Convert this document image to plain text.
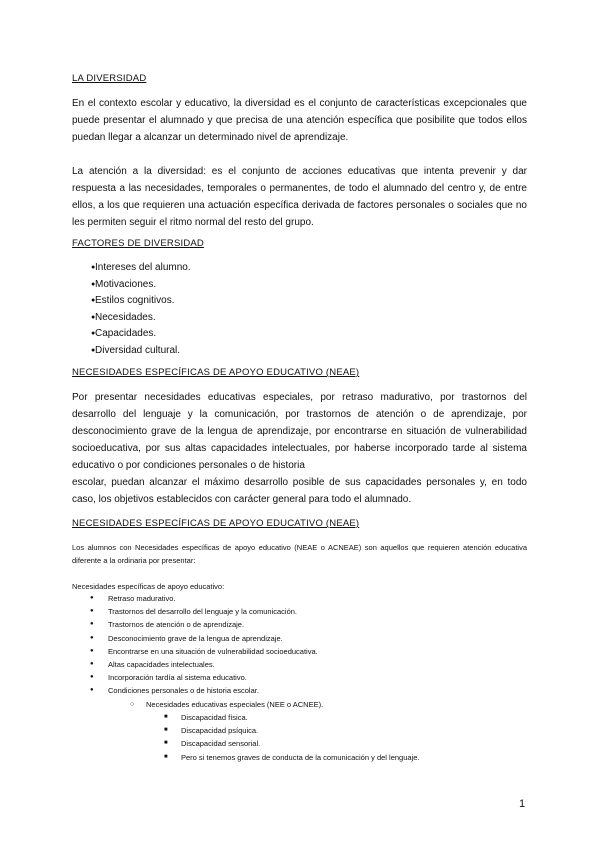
LA DIVERSIDAD

En el contexto escolar y educativo, la diversidad es el conjunto de características excepcionales que puede presentar el alumnado y que precisa de una atención específica que posibilite que todos ellos puedan llegar a alcanzar un determinado nivel de aprendizaje.

La atención a la diversidad: es el conjunto de acciones educativas que intenta prevenir y dar respuesta a las necesidades, temporales o permanentes, de todo el alumnado del centro y, de entre ellos, a los que requieren una actuación específica derivada de factores personales o sociales que no les permiten seguir el ritmo normal del resto del grupo.

FACTORES DE DIVERSIDAD
● Intereses del alumno.
● Motivaciones.
● Estilos cognitivos.
● Necesidades.
● Capacidades.
● Diversidad cultural.
NECESIDADES ESPECÍFICAS DE APOYO EDUCATIVO (NEAE)

Por presentar necesidades educativas especiales, por retraso madurativo, por trastornos del desarrollo del lenguaje y la comunicación, por trastornos de atención o de aprendizaje, por desconocimiento grave de la lengua de aprendizaje, por encontrarse en situación de vulnerabilidad socioeducativa, por sus altas capacidades intelectuales, por haberse incorporado tarde al sistema educativo o por condiciones personales o de historia

escolar, puedan alcanzar el máximo desarrollo posible de sus capacidades personales y, en todo caso, los objetivos establecidos con carácter general para todo el alumnado.

NECESIDADES ESPECÍFICAS DE APOYO EDUCATIVO (NEAE)

Los alumnos con Necesidades específicas de apoyo educativo (NEAE o ACNEAE) son aquellos que requieren atención educativa diferente a la ordinaria por presentar:

Necesidades específicas de apoyo educativo:

● Retraso madurativo.
● Trastornos del desarrollo del lenguaje y la comunicación.
● Trastornos de atención o de aprendizaje.
● Desconocimiento grave de la lengua de aprendizaje.
● Encontrarse en una situación de vulnerabilidad socioeducativa.
● Altas capacidades intelectuales.
● Incorporación tardía al sistema educativo.
● Condiciones personales o de historia escolar.
○ Necesidades educativas especiales (NEE o ACNEE).
■ Discapacidad física.
■ Discapacidad psíquica.
■ Discapacidad sensorial.
■ Pero si tenemos graves de conducta de la comunicación y del lenguaje.
1
